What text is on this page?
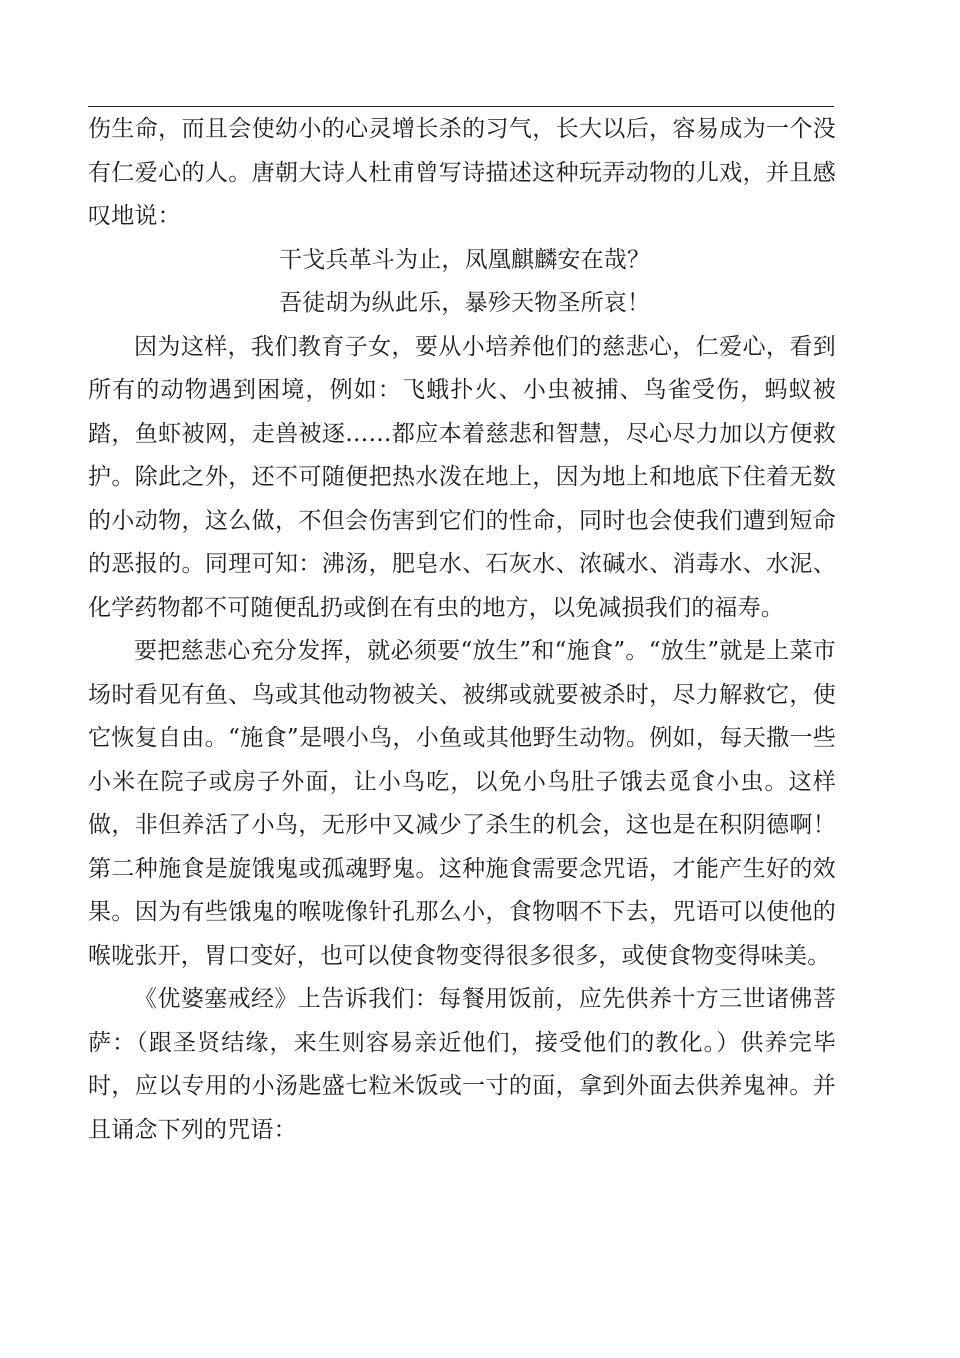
伤生命，而且会使幼小的心灵增长杀的习气，长大以后，容易成为一个没有仁爱心的人。唐朝大诗人杜甫曾写诗描述这种玩弄动物的儿戏，并且感叹地说：

干戈兵革斗为止，凤凰麒麟安在哉？
吾徒胡为纵此乐，暴殄天物圣所哀！

因为这样，我们教育子女，要从小培养他们的慈悲心，仁爱心，看到所有的动物遇到困境，例如：飞蛾扑火、小虫被捕、鸟雀受伤，蚂蚁被踏，鱼虾被网，走兽被逐……都应本着慈悲和智慧，尽心尽力加以方便救护。除此之外，还不可随便把热水泼在地上，因为地上和地底下住着无数的小动物，这么做，不但会伤害到它们的性命，同时也会使我们遭到短命的恶报的。同理可知：沸汤，肥皂水、石灰水、浓碱水、消毒水、水泥、化学药物都不可随便乱扔或倒在有虫的地方，以免减损我们的福寿。

要把慈悲心充分发挥，就必须要“放生”和“施食”。“放生”就是上菜市场时看见有鱼、鸟或其他动物被关、被绑或就要被杀时，尽力解救它，使它恢复自由。“施食”是喂小鸟，小鱼或其他野生动物。例如，每天撒一些小米在院子或房子外面，让小鸟吃，以免小鸟肚子饿去觅食小虫。这样做，非但养活了小鸟，无形中又减少了杀生的机会，这也是在积阴德啊！第二种施食是旋饿鬼或孤魂野鬼。这种施食需要念咒语，才能产生好的效果。因为有些饿鬼的喉咙像针孔那么小，食物咽不下去，咒语可以使他的喉咙张开，胃口变好，也可以使食物变得很多很多，或使食物变得味美。

《优婆塞戒经》上告诉我们：每餐用饭前，应先供养十方三世诸佛菩萨：（跟圣贤结缘，来生则容易亲近他们，接受他们的教化。）供养完毕时，应以专用的小汤匙盛七粒米饭或一寸的面，拿到外面去供养鬼神。并且诵念下列的咒语：
